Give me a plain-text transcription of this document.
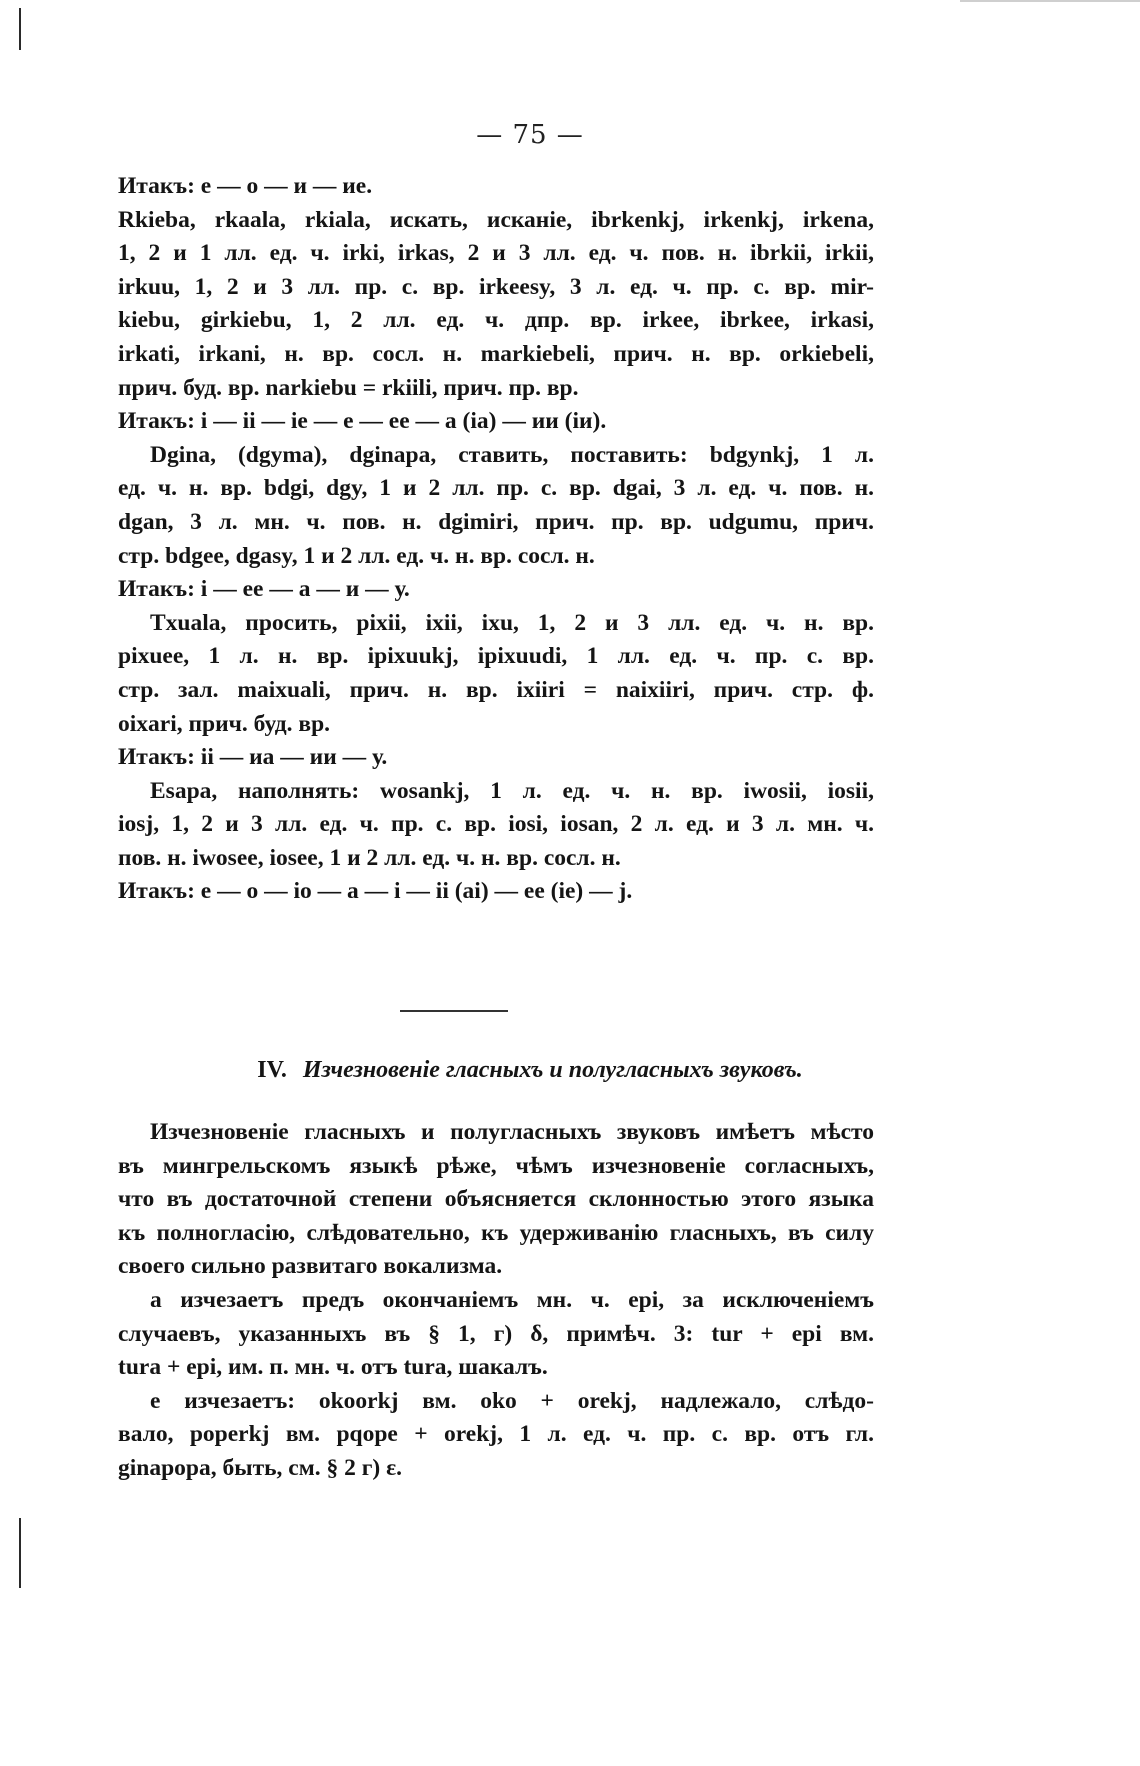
— 75 —
Итакъ: е — о — и — ие.
Rkieba, rkaala, rkiala, искать, исканіе, ibrkenkj, irkenkj, irkena,
1, 2 и 1 лл. ед. ч. irki, irkas, 2 и 3 лл. ед. ч. пов. н. ibrkii, irkii,
irkuu, 1, 2 и 3 лл. пр. с. вр. irkeesy, 3 л. ед. ч. пр. с. вр. mir-
kiebu, girkiebu, 1, 2 лл. ед. ч. дпр. вр. irkee, ibrkee, irkasi,
irkati, irkani, н. вр. сосл. н. markiebeli, прич. н. вр. orkiebeli,
прич. буд. вр. narkiebu = rkiili, прич. пр. вр.
Итакъ: і — іі — іе — е — ее — а (іа) — ии (іи).
Dgina, (dgyma), dginapa, ставить, поставить: bdgynkj, 1 л.
ед. ч. н. вр. bdgi, dgy, 1 и 2 лл. пр. с. вр. dgai, 3 л. ед. ч. пов. н.
dgan, 3 л. мн. ч. пов. н. dgimiri, прич. пр. вр. udgumu, прич.
стр. bdgee, dgasy, 1 и 2 лл. ед. ч. н. вр. сосл. н.
Итакъ: і — ее — а — и — у.
Txuala, просить, pixii, ixii, ixu, 1, 2 и 3 лл. ед. ч. н. вр.
pixuee, 1 л. н. вр. ipixuukj, ipixuudi, 1 лл. ед. ч. пр. с. вр.
стр. зал. maixuali, прич. н. вр. ixiiri = naixiiri, прич. стр. ф.
oixari, прич. буд. вр.
Итакъ: іі — иа — ии — у.
Esapa, наполнять: wosankj, 1 л. ед. ч. н. вр. iwosii, iosii,
iosj, 1, 2 и 3 лл. ед. ч. пр. с. вр. iosi, iosan, 2 л. ед. и 3 л. мн. ч.
пов. н. iwosee, iosee, 1 и 2 лл. ед. ч. н. вр. сосл. н.
Итакъ: е — о — іо — а — і — іі (аі) — ее (іе) — ј.
IV. Изчезновеніе гласныхъ и полугласныхъ звуковъ.
Изчезновеніе гласныхъ и полугласныхъ звуковъ имѣетъ мѣсто
въ мингрельскомъ языкѣ рѣже, чѣмъ изчезновеніе согласныхъ,
что въ достаточной степени объясняется склонностью этого языка
къ полногласію, слѣдовательно, къ удерживанію гласныхъ, въ силу
своего сильно развитаго вокализма.
а изчезаетъ предъ окончаніемъ мн. ч. epi, за исключеніемъ
случаевъ, указанныхъ въ § 1, г) δ, примѣч. 3: tur + epi вм.
tura + epi, им. п. мн. ч. отъ tura, шакалъ.
е изчезаетъ: okoorkj вм. oko + orekj, надлежало, слѣдо-
вало, poperkj вм. pqope + orekj, 1 л. ед. ч. пр. с. вр. отъ гл.
ginapopa, быть, см. § 2 г) ε.
